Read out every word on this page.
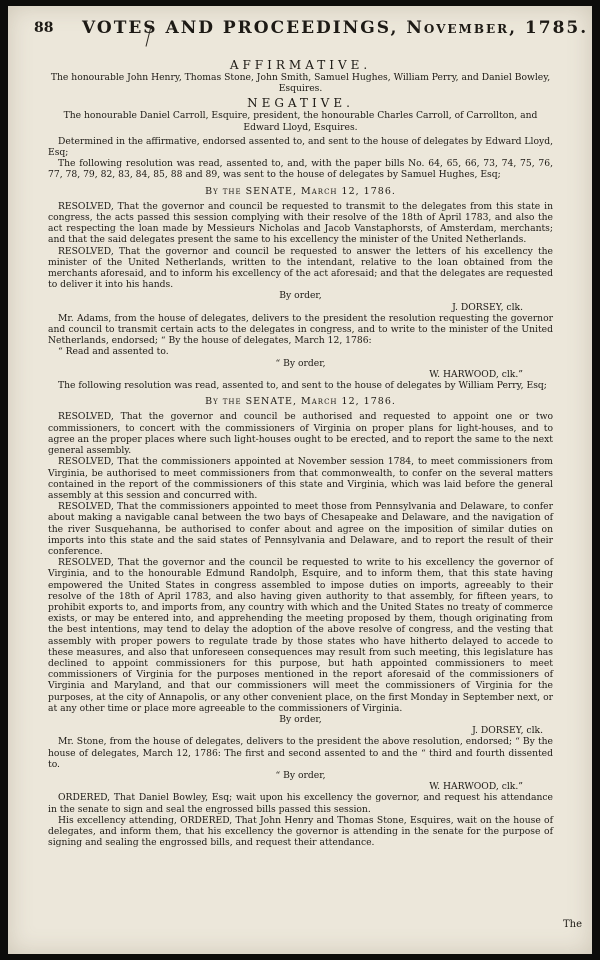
88 VOTES AND PROCEEDINGS, November, 1785.

AFFIRMATIVE.

The honourable John Henry, Thomas Stone, John Smith, Samuel Hughes, William Perry, and Daniel Bowley, Esquires.

NEGATIVE.

The honourable Daniel Carroll, Esquire, president, the honourable Charles Carroll, of Carrollton, and Edward Lloyd, Esquires.

Determined in the affirmative, endorsed assented to, and sent to the house of delegates by Edward Lloyd, Esq;

The following resolution was read, assented to, and, with the paper bills No. 64, 65, 66, 73, 74, 75, 76, 77, 78, 79, 82, 83, 84, 85, 88 and 89, was sent to the house of delegates by Samuel Hughes, Esq;

By the SENATE, March 12, 1786.

RESOLVED, That the governor and council be requested to transmit to the delegates from this state in congress, the acts passed this session complying with their resolve of the 18th of April 1783, and also the act respecting the loan made by Messieurs Nicholas and Jacob Vanstaphorsts, of Amsterdam, merchants; and that the said delegates present the same to his excellency the minister of the United Netherlands.

RESOLVED, That the governor and council be requested to answer the letters of his excellency the minister of the United Netherlands, written to the intendant, relative to the loan obtained from the merchants aforesaid, and to inform his excellency of the act aforesaid; and that the delegates are requested to deliver it into his hands.

By order,

J. DORSEY, clk.

Mr. Adams, from the house of delegates, delivers to the president the resolution requesting the governor and council to transmit certain acts to the delegates in congress, and to write to the minister of the United Netherlands, endorsed; “ By the house of delegates, March 12, 1786:

“ Read and assented to.

“ By order,

W. HARWOOD, clk.”

The following resolution was read, assented to, and sent to the house of delegates by William Perry, Esq;

By the SENATE, March 12, 1786.

RESOLVED, That the governor and council be authorised and requested to appoint one or two commissioners, to concert with the commissioners of Virginia on proper plans for light-houses, and to agree an the proper places where such light-houses ought to be erected, and to report the same to the next general assembly.

RESOLVED, That the commissioners appointed at November session 1784, to meet commissioners from Virginia, be authorised to meet commissioners from that commonwealth, to confer on the several matters contained in the report of the commissioners of this state and Virginia, which was laid before the general assembly at this session and concurred with.

RESOLVED, That the commissioners appointed to meet those from Pennsylvania and Delaware, to confer about making a navigable canal between the two bays of Chesapeake and Delaware, and the navigation of the river Susquehanna, be authorised to confer about and agree on the imposition of similar duties on imports into this state and the said states of Pennsylvania and Delaware, and to report the result of their conference.

RESOLVED, That the governor and the council be requested to write to his excellency the governor of Virginia, and to the honourable Edmund Randolph, Esquire, and to inform them, that this state having empowered the United States in congress assembled to impose duties on imports, agreeably to their resolve of the 18th of April 1783, and also having given authority to that assembly, for fifteen years, to prohibit exports to, and imports from, any country with which and the United States no treaty of commerce exists, or may be entered into, and apprehending the meeting proposed by them, though originating from the best intentions, may tend to delay the adoption of the above resolve of congress, and the vesting that assembly with proper powers to regulate trade by those states who have hitherto delayed to accede to these measures, and also that unforeseen consequences may result from such meeting, this legislature has declined to appoint commissioners for this purpose, but hath appointed commissioners to meet commissioners of Virginia for the purposes mentioned in the report aforesaid of the commissioners of Virginia and Maryland, and that our commissioners will meet the commissioners of Virginia for the purposes, at the city of Annapolis, or any other convenient place, on the first Monday in September next, or at any other time or place more agreeable to the commissioners of Virginia.

By order,

J. DORSEY, clk.

Mr. Stone, from the house of delegates, delivers to the president the above resolution, endorsed; “ By the house of delegates, March 12, 1786: The first and second assented to and the “ third and fourth dissented to.

“ By order,

W. HARWOOD, clk.”

ORDERED, That Daniel Bowley, Esq; wait upon his excellency the governor, and request his attendance in the senate to sign and seal the engrossed bills passed this session.

His excellency attending, ORDERED, That John Henry and Thomas Stone, Esquires, wait on the house of delegates, and inform them, that his excellency the governor is attending in the senate for the purpose of signing and sealing the engrossed bills, and request their attendance.

The
